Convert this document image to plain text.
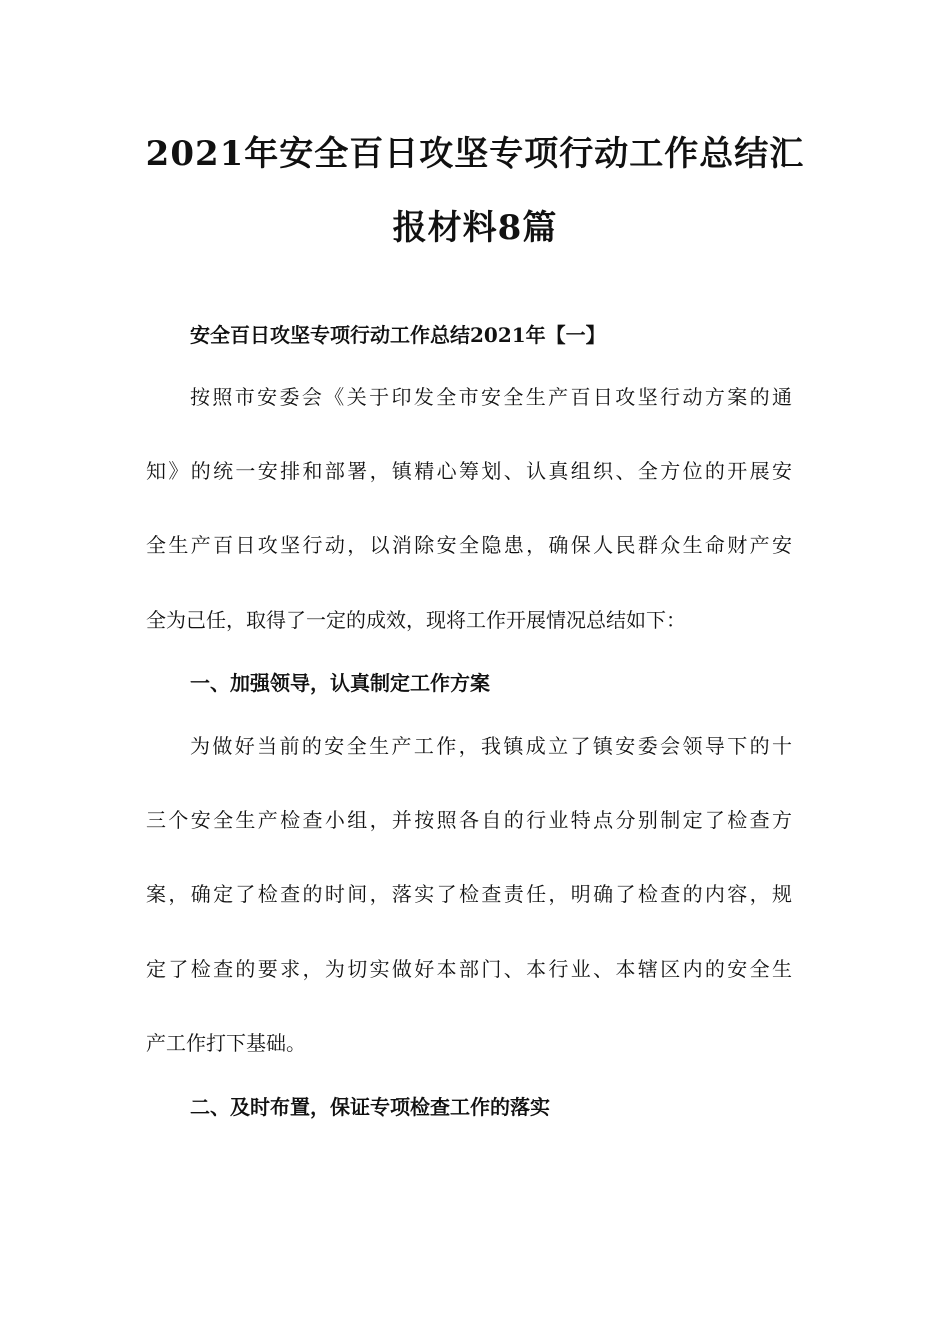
2021年安全百日攻坚专项行动工作总结汇
报材料8篇
安全百日攻坚专项行动工作总结2021年【一】

按照市安委会《关于印发全市安全生产百日攻坚行动方案的通

知》的统一安排和部署，镇精心筹划、认真组织、全方位的开展安

全生产百日攻坚行动，以消除安全隐患，确保人民群众生命财产安

全为己任，取得了一定的成效，现将工作开展情况总结如下：

一、加强领导，认真制定工作方案

为做好当前的安全生产工作，我镇成立了镇安委会领导下的十

三个安全生产检查小组，并按照各自的行业特点分别制定了检查方

案，确定了检查的时间，落实了检查责任，明确了检查的内容，规

定了检查的要求，为切实做好本部门、本行业、本辖区内的安全生

产工作打下基础。

二、及时布置，保证专项检查工作的落实
